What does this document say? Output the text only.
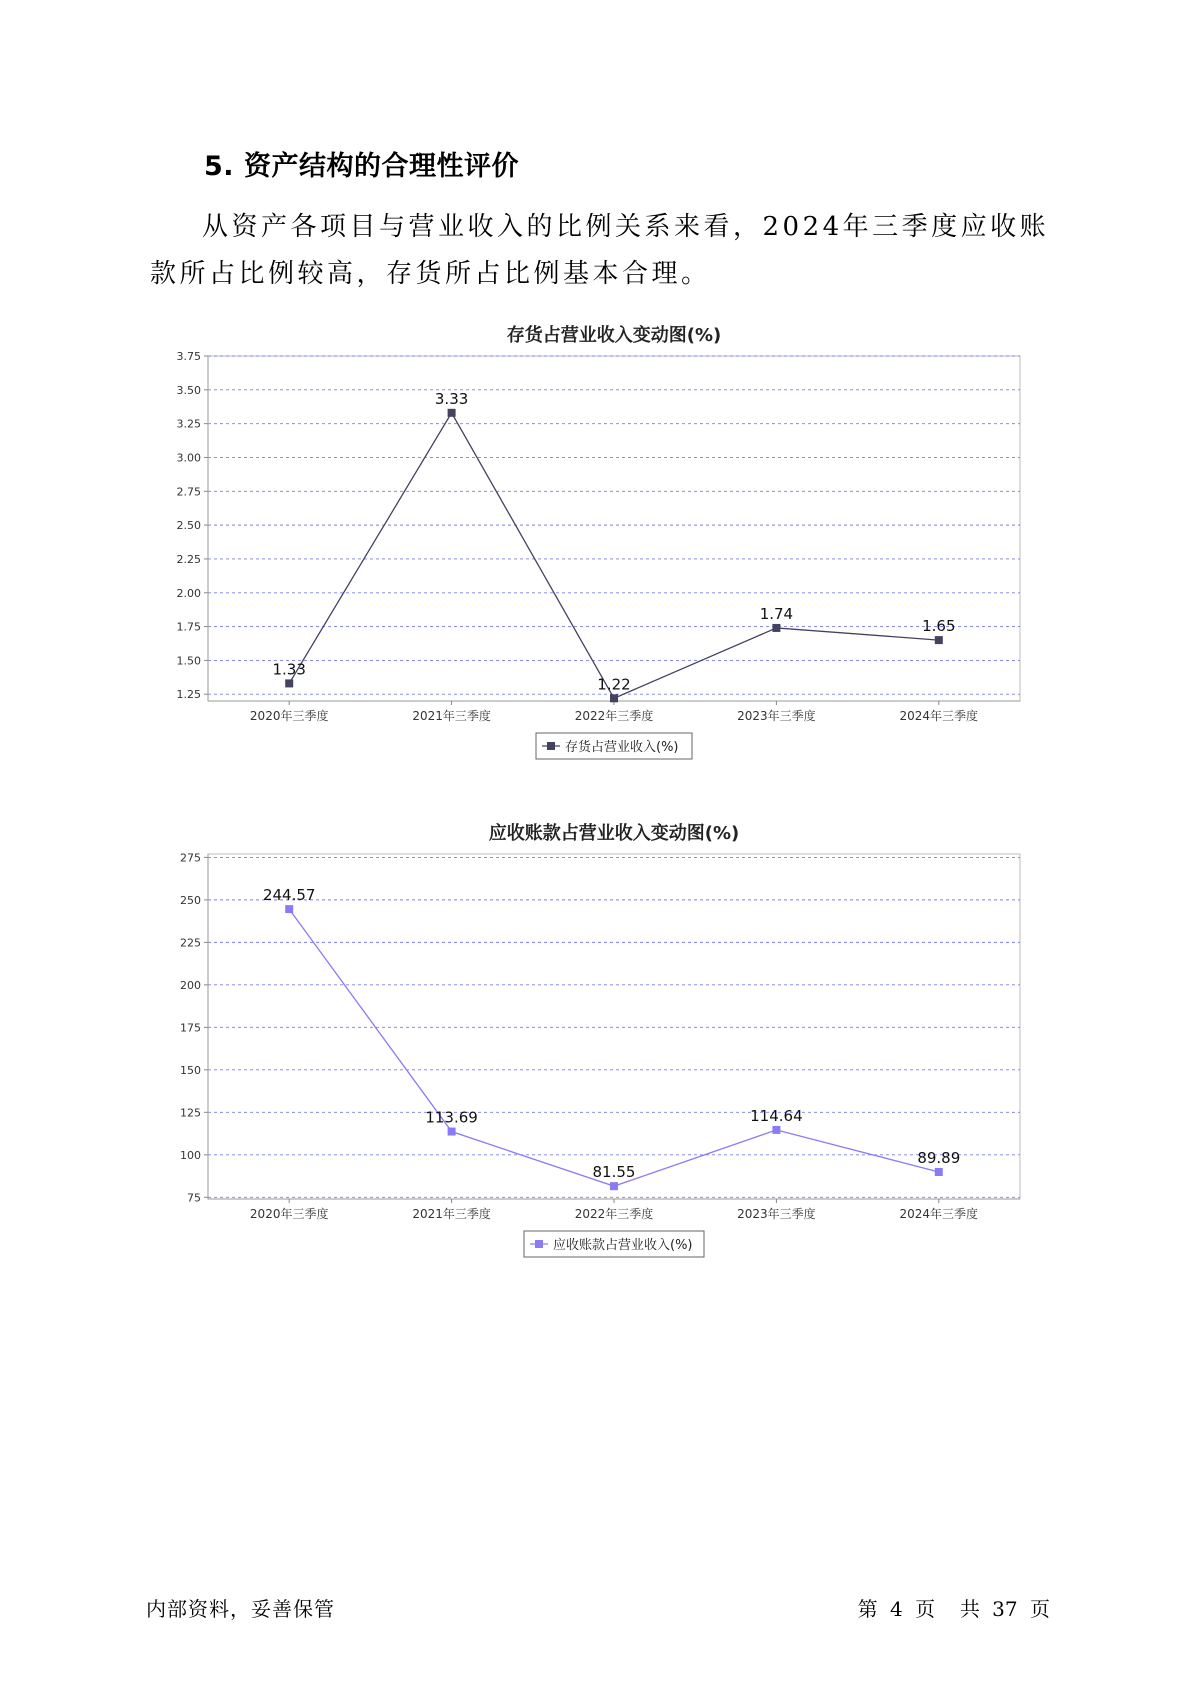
5. 资产结构的合理性评价

从资产各项目与营业收入的比例关系来看，2024年三季度应收账款所占比例较高，存货所占比例基本合理。

存货占营业收入变动图(%)
1.25
1.50
1.75
2.00
2.25
2.50
2.75
3.00
3.25
3.50
3.75
2020年三季度	2021年三季度	2022年三季度	2023年三季度	2024年三季度
1.33
3.33
1.22
1.74
1.65
存货占营业收入(%)
应收账款占营业收入变动图(%)
75
100
125
150
175
200
225
250
275
2020年三季度	2021年三季度	2022年三季度	2023年三季度	2024年三季度
244.57
113.69
81.55
114.64
89.89
应收账款占营业收入(%)
内部资料，妥善保管	第 4 页  共 37 页
